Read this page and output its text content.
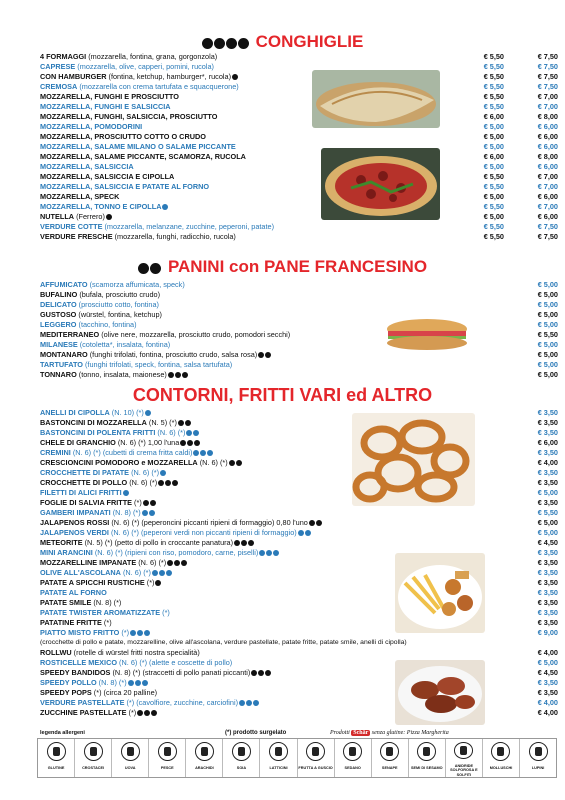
CONGHIGLIE
4 FORMAGGI (mozzarella, fontina, grana, gorgonzola)	€ 5,50	€ 7,50
CAPRESE (mozzarella, olive, capperi, pomini, rucola)	€ 5,50	€ 7,50
CON HAMBURGER (fontina, ketchup, hamburger*, rucola)	€ 5,50	€ 7,50
CREMOSA (mozzarella con crema tartufata e squacquerone)	€ 5,50	€ 7,50
MOZZARELLA, FUNGHI E PROSCIUTTO	€ 5,50	€ 7,00
MOZZARELLA, FUNGHI E SALSICCIA	€ 5,50	€ 7,00
MOZZARELLA, FUNGHI, SALSICCIA, PROSCIUTTO	€ 6,00	€ 8,00
MOZZARELLA, POMODORINI	€ 5,00	€ 6,00
MOZZARELLA, PROSCIUTTO COTTO O CRUDO	€ 5,00	€ 6,00
MOZZARELLA, SALAME MILANO O SALAME PICCANTE	€ 5,00	€ 6,00
MOZZARELLA, SALAME PICCANTE, SCAMORZA, RUCOLA	€ 6,00	€ 8,00
MOZZARELLA, SALSICCIA	€ 5,00	€ 6,00
MOZZARELLA, SALSICCIA E CIPOLLA	€ 5,50	€ 7,00
MOZZARELLA, SALSICCIA E PATATE AL FORNO	€ 5,50	€ 7,00
MOZZARELLA, SPECK	€ 5,00	€ 6,00
MOZZARELLA, TONNO E CIPOLLA	€ 5,50	€ 7,00
NUTELLA (Ferrero)	€ 5,00	€ 6,00
VERDURE COTTE (mozzarella, melanzane, zucchine, peperoni, patate)	€ 5,50	€ 7,50
VERDURE FRESCHE (mozzarella, funghi, radicchio, rucola)	€ 5,50	€ 7,50
PANINI con PANE FRANCESINO
AFFUMICATO (scamorza affumicata, speck)	€ 5,00
BUFALINO (bufala, prosciutto crudo)	€ 5,00
DELICATO (prosciutto cotto, fontina)	€ 5,00
GUSTOSO (würstel, fontina, ketchup)	€ 5,00
LEGGERO (tacchino, fontina)	€ 5,00
MEDITERRANEO (olive nere, mozzarella, prosciutto crudo, pomodori secchi)	€ 5,50
MILANESE (cotoletta*, insalata, fontina)	€ 5,00
MONTANARO (funghi trifolati, fontina, prosciutto crudo, salsa rosa)	€ 5,00
TARTUFATO (funghi trifolati, speck, fontina, salsa tartufata)	€ 5,00
TONNARO (tonno, insalata, maionese)	€ 5,00
CONTORNI, FRITTI VARI ed ALTRO
ANELLI DI CIPOLLA (N. 10) (*)	€ 3,50
BASTONCINI DI MOZZARELLA (N. 5) (*)	€ 3,50
BASTONCINI DI POLENTA FRITTI (N. 6) (*)	€ 3,50
CHELE DI GRANCHIO (N. 6) (*) 1,00 l'una	€ 6,00
CREMINI (N. 6) (*) (cubetti di crema fritta caldi)	€ 3,50
CRESCIONCINI POMODORO e MOZZARELLA (N. 6) (*)	€ 4,00
CROCCHETTE DI PATATE (N. 6) (*)	€ 3,50
CROCCHETTE DI POLLO (N. 6) (*)	€ 3,50
FILETTI DI ALICI FRITTI	€ 5,00
FOGLIE DI SALVIA FRITTE (*)	€ 3,50
GAMBERI IMPANATI (N. 8) (*)	€ 5,50
JALAPENOS ROSSI (N. 6) (*) (peperoncini piccanti ripieni di formaggio) 0,80 l'uno	€ 5,00
JALAPENOS VERDI (N. 6) (*) (peperoni verdi non piccanti ripieni di formaggio)	€ 5,00
METEORITE (N. 5) (*) (petto di pollo in croccante panatura)	€ 4,50
MINI ARANCINI (N. 6) (*) (ripieni con riso, pomodoro, carne, piselli)	€ 3,50
MOZZARELLINE IMPANATE (N. 6) (*)	€ 3,50
OLIVE ALL'ASCOLANA (N. 6) (*)	€ 3,50
PATATE A SPICCHI RUSTICHE (*)	€ 3,50
PATATE AL FORNO	€ 3,50
PATATE SMILE (N. 8) (*)	€ 3,50
PATATE TWISTER AROMATIZZATE (*)	€ 3,50
PATATINE FRITTE (*)	€ 3,50
PIATTO MISTO FRITTO (*)	€ 9,00
(crocchette di pollo e patate, mozzarelline, olive all'ascolana, verdure pastellate, patate fritte, patate smile, anelli di cipolla)
ROLLWU (rotelle di würstel fritti nostra specialità)	€ 4,00
ROSTICELLE MEXICO (N. 6) (*) (alette e coscette di pollo)	€ 5,00
SPEEDY BANDIDOS (N. 8) (*) (straccetti di pollo panati piccanti)	€ 4,50
SPEEDY POLLO (N. 8) (*)	€ 3,50
SPEEDY POPS (*) (circa 20 palline)	€ 3,50
VERDURE PASTELLATE (*) (cavolfiore, zucchine, carciofini)	€ 4,00
ZUCCHINE PASTELLATE (*)	€ 4,00
legenda allergeni	(*) prodotto surgelato	Prodotti Schär senza glutine: Pizza Margherita
GLUTINE	CROSTACEI	UOVA	PESCE	ARACHIDI	SOIA	LATTICINI	FRUTTA A GUSCIO	SEDANO	SENAPE	SEMI DI SESAMO
ANIDRIDE SOLFOROSA E SOLFITI
MOLLUSCHI	LUPINI
